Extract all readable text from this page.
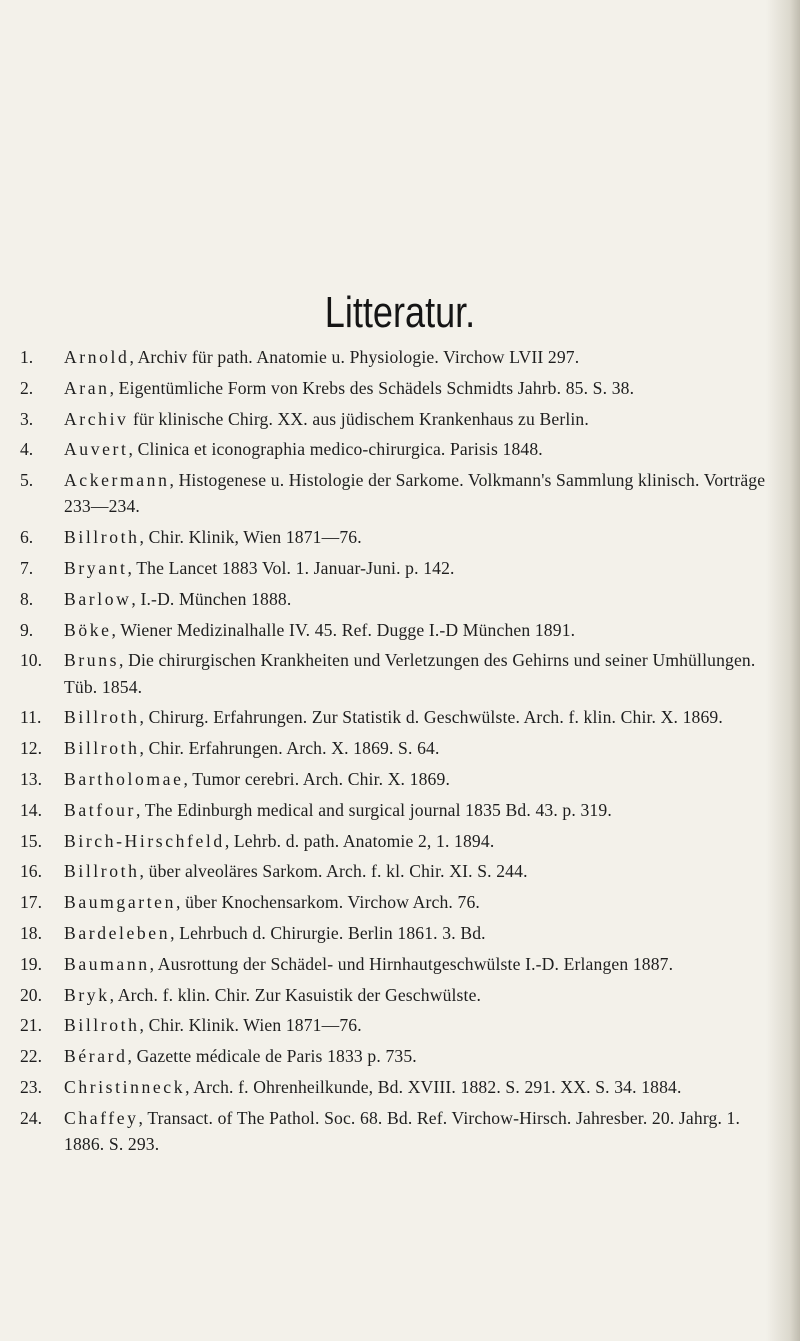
Litteratur.
1.	Arnold, Archiv für path. Anatomie u. Physiologie. Virchow LVII 297.
2.	Aran, Eigentümliche Form von Krebs des Schädels Schmidts Jahrb. 85. S. 38.
3.	Archiv für klinische Chirg. XX. aus jüdischem Krankenhaus zu Berlin.
4.	Auvert, Clinica et iconographia medico-chirurgica. Parisis 1848.
5.	Ackermann, Histogenese u. Histologie der Sarkome. Volkmann's Sammlung klinisch. Vorträge 233—234.
6.	Billroth, Chir. Klinik, Wien 1871—76.
7.	Bryant, The Lancet 1883 Vol. 1. Januar-Juni. p. 142.
8.	Barlow, I.-D. München 1888.
9.	Böke, Wiener Medizinalhalle IV. 45. Ref. Dugge I.-D München 1891.
10.	Bruns, Die chirurgischen Krankheiten und Verletzungen des Gehirns und seiner Umhüllungen. Tüb. 1854.
11.	Billroth, Chirurg. Erfahrungen. Zur Statistik d. Geschwülste. Arch. f. klin. Chir. X. 1869.
12.	Billroth, Chir. Erfahrungen. Arch. X. 1869. S. 64.
13.	Bartholomae, Tumor cerebri. Arch. Chir. X. 1869.
14.	Batfour, The Edinburgh medical and surgical journal 1835 Bd. 43. p. 319.
15.	Birch-Hirschfeld, Lehrb. d. path. Anatomie 2, 1. 1894.
16.	Billroth, über alveoläres Sarkom. Arch. f. kl. Chir. XI. S. 244.
17.	Baumgarten, über Knochensarkom. Virchow Arch. 76.
18.	Bardeleben, Lehrbuch d. Chirurgie. Berlin 1861. 3. Bd.
19.	Baumann, Ausrottung der Schädel- und Hirnhautgeschwülste I.-D. Erlangen 1887.
20.	Bryk, Arch. f. klin. Chir. Zur Kasuistik der Geschwülste.
21.	Billroth, Chir. Klinik. Wien 1871—76.
22.	Bérard, Gazette médicale de Paris 1833 p. 735.
23.	Christinneck, Arch. f. Ohrenheilkunde, Bd. XVIII. 1882. S. 291. XX. S. 34. 1884.
24.	Chaffey, Transact. of The Pathol. Soc. 68. Bd. Ref. Virchow-Hirsch. Jahresber. 20. Jahrg. 1. 1886. S. 293.
